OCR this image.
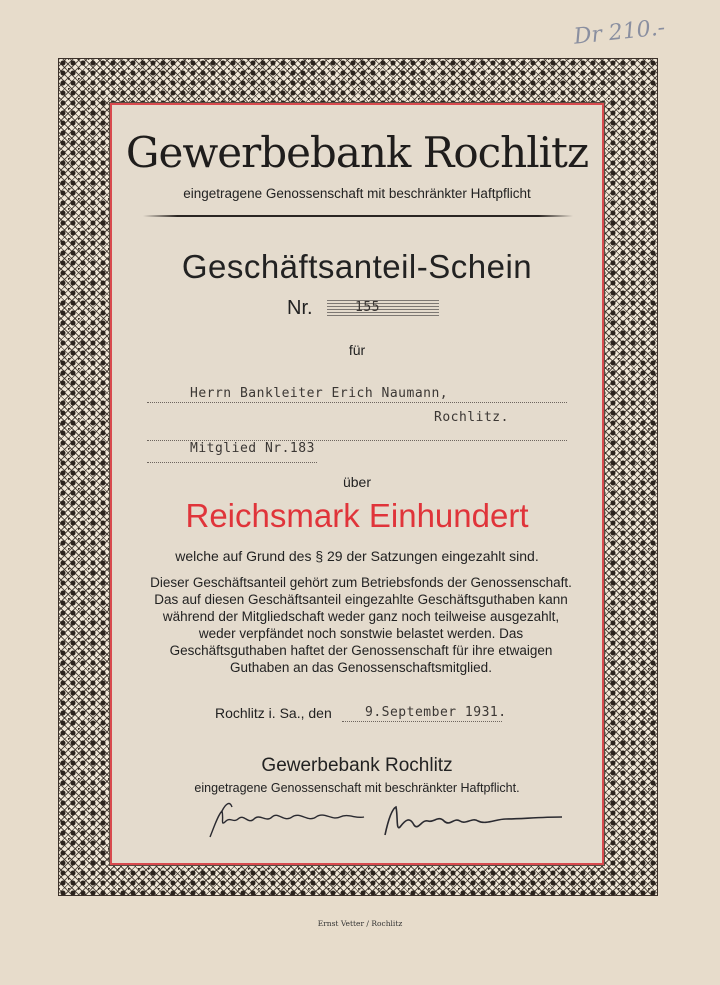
Dr 210.-
Gewerbebank Rochlitz
eingetragene Genossenschaft mit beschränkter Haftpflicht
Geschäftsanteil-Schein
Nr.	155
für
Herrn Bankleiter Erich Naumann,
Rochlitz.
Mitglied Nr.183
über
Reichsmark Einhundert
welche auf Grund des § 29 der Satzungen eingezahlt sind.
Dieser Geschäftsanteil gehört zum Betriebsfonds der Genossenschaft. Das auf diesen Geschäftsanteil eingezahlte Geschäftsguthaben kann während der Mitgliedschaft weder ganz noch teilweise ausgezahlt, weder verpfändet noch sonstwie belastet werden. Das Geschäftsguthaben haftet der Genossenschaft für ihre etwaigen Guthaben an das Genossenschaftsmitglied.
Rochlitz i. Sa., den	9.September 1931.
Gewerbebank Rochlitz
eingetragene Genossenschaft mit beschränkter Haftpflicht.
Ernst Vetter / Rochlitz
